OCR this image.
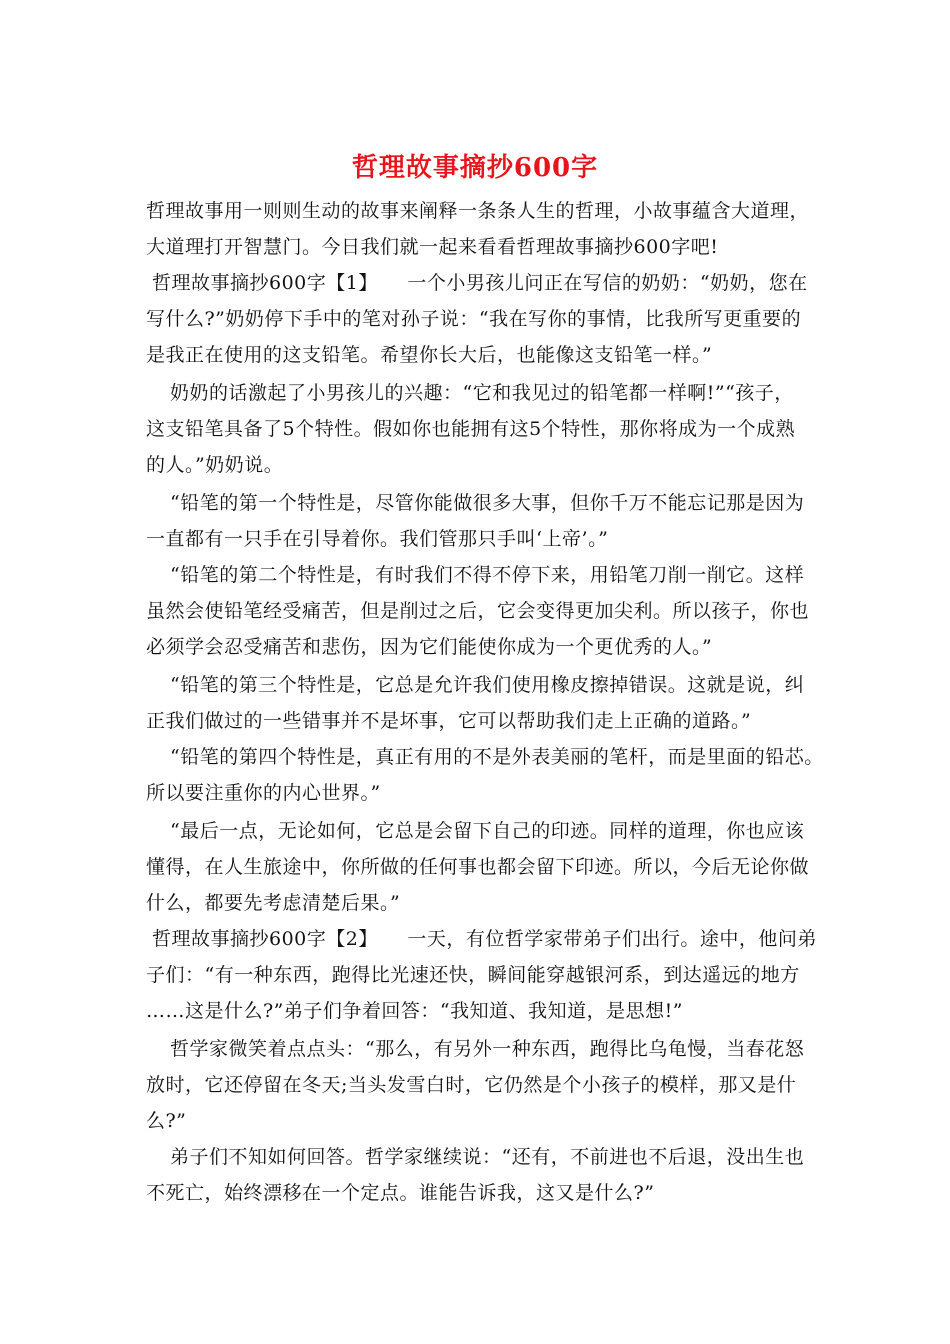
哲理故事摘抄600字
哲理故事用一则则生动的故事来阐释一条条人生的哲理，小故事蕴含大道理，
大道理打开智慧门。今日我们就一起来看看哲理故事摘抄600字吧!
哲理故事摘抄600字【1】　　一个小男孩儿问正在写信的奶奶：“奶奶，您在
写什么?”奶奶停下手中的笔对孙子说：“我在写你的事情，比我所写更重要的
是我正在使用的这支铅笔。希望你长大后，也能像这支铅笔一样。”
奶奶的话激起了小男孩儿的兴趣：“它和我见过的铅笔都一样啊!”“孩子，
这支铅笔具备了5个特性。假如你也能拥有这5个特性，那你将成为一个成熟
的人。”奶奶说。
“铅笔的第一个特性是，尽管你能做很多大事，但你千万不能忘记那是因为
一直都有一只手在引导着你。我们管那只手叫‘上帝’。”
“铅笔的第二个特性是，有时我们不得不停下来，用铅笔刀削一削它。这样
虽然会使铅笔经受痛苦，但是削过之后，它会变得更加尖利。所以孩子，你也
必须学会忍受痛苦和悲伤，因为它们能使你成为一个更优秀的人。”
“铅笔的第三个特性是，它总是允许我们使用橡皮擦掉错误。这就是说，纠
正我们做过的一些错事并不是坏事，它可以帮助我们走上正确的道路。”
“铅笔的第四个特性是，真正有用的不是外表美丽的笔杆，而是里面的铅芯。
所以要注重你的内心世界。”
“最后一点，无论如何，它总是会留下自己的印迹。同样的道理，你也应该
懂得，在人生旅途中，你所做的任何事也都会留下印迹。所以，今后无论你做
什么，都要先考虑清楚后果。”
哲理故事摘抄600字【2】　　一天，有位哲学家带弟子们出行。途中，他问弟
子们：“有一种东西，跑得比光速还快，瞬间能穿越银河系，到达遥远的地方
……这是什么?”弟子们争着回答：“我知道、我知道，是思想!”
哲学家微笑着点点头：“那么，有另外一种东西，跑得比乌龟慢，当春花怒
放时，它还停留在冬天;当头发雪白时，它仍然是个小孩子的模样，那又是什
么?”
弟子们不知如何回答。哲学家继续说：“还有，不前进也不后退，没出生也
不死亡，始终漂移在一个定点。谁能告诉我，这又是什么?”
